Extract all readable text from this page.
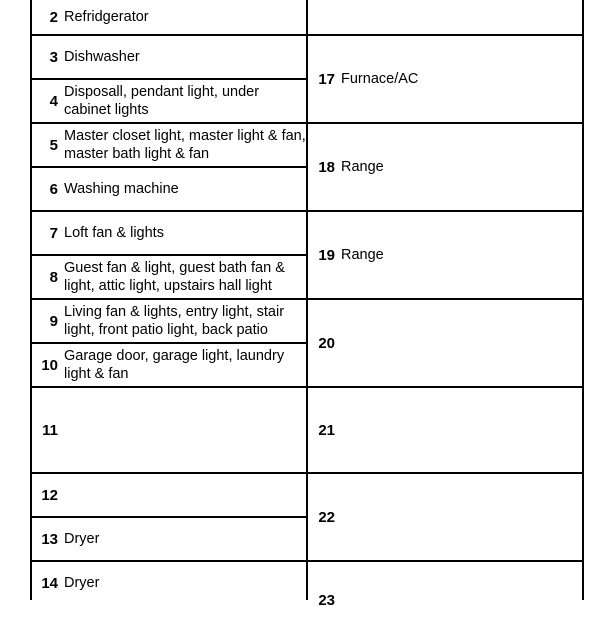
2 Refridgerator
3 Dishwasher
4
Disposall, pendant light, under cabinet lights
5
Master closet light, master light & fan, master bath light & fan
6 Washing machine
7 Loft fan & lights
8
Guest fan & light, guest bath fan & light, attic light, upstairs hall light
9
Living fan & lights, entry light, stair light, front patio light, back patio
10
Garage door, garage light, laundry light & fan
11
12
13 Dryer
14 Dryer
17 Furnace/AC
18 Range
19 Range
20
21
22
23
